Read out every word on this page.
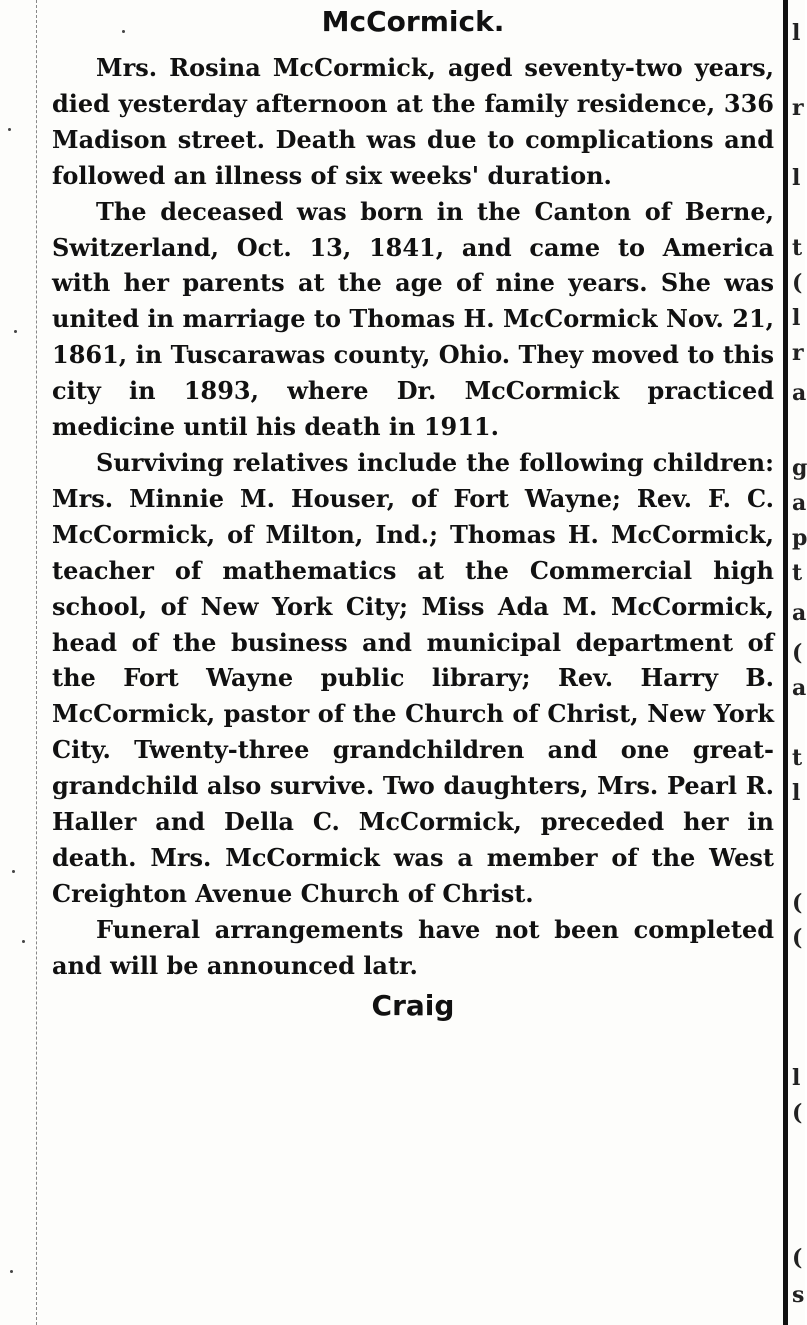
McCormick.

Mrs. Rosina McCormick, aged seventy-two years, died yesterday afternoon at the family residence, 336 Madison street. Death was due to complications and followed an illness of six weeks' duration.

The deceased was born in the Canton of Berne, Switzerland, Oct. 13, 1841, and came to America with her parents at the age of nine years. She was united in marriage to Thomas H. McCormick Nov. 21, 1861, in Tuscarawas county, Ohio. They moved to this city in 1893, where Dr. McCormick practiced medicine until his death in 1911.

Surviving relatives include the following children: Mrs. Minnie M. Houser, of Fort Wayne; Rev. F. C. McCormick, of Milton, Ind.; Thomas H. McCormick, teacher of mathematics at the Commercial high school, of New York City; Miss Ada M. McCormick, head of the business and municipal department of the Fort Wayne public library; Rev. Harry B. McCormick, pastor of the Church of Christ, New York City. Twenty-three grandchildren and one great-grandchild also survive. Two daughters, Mrs. Pearl R. Haller and Della C. McCormick, preceded her in death. Mrs. McCormick was a member of the West Creighton Avenue Church of Christ.

Funeral arrangements have not been completed and will be announced latr.

Craig
l
r
l
t
(
l
r
a
g
a
p
t
a
(
a
t
l
(
(
l
(
(
s
